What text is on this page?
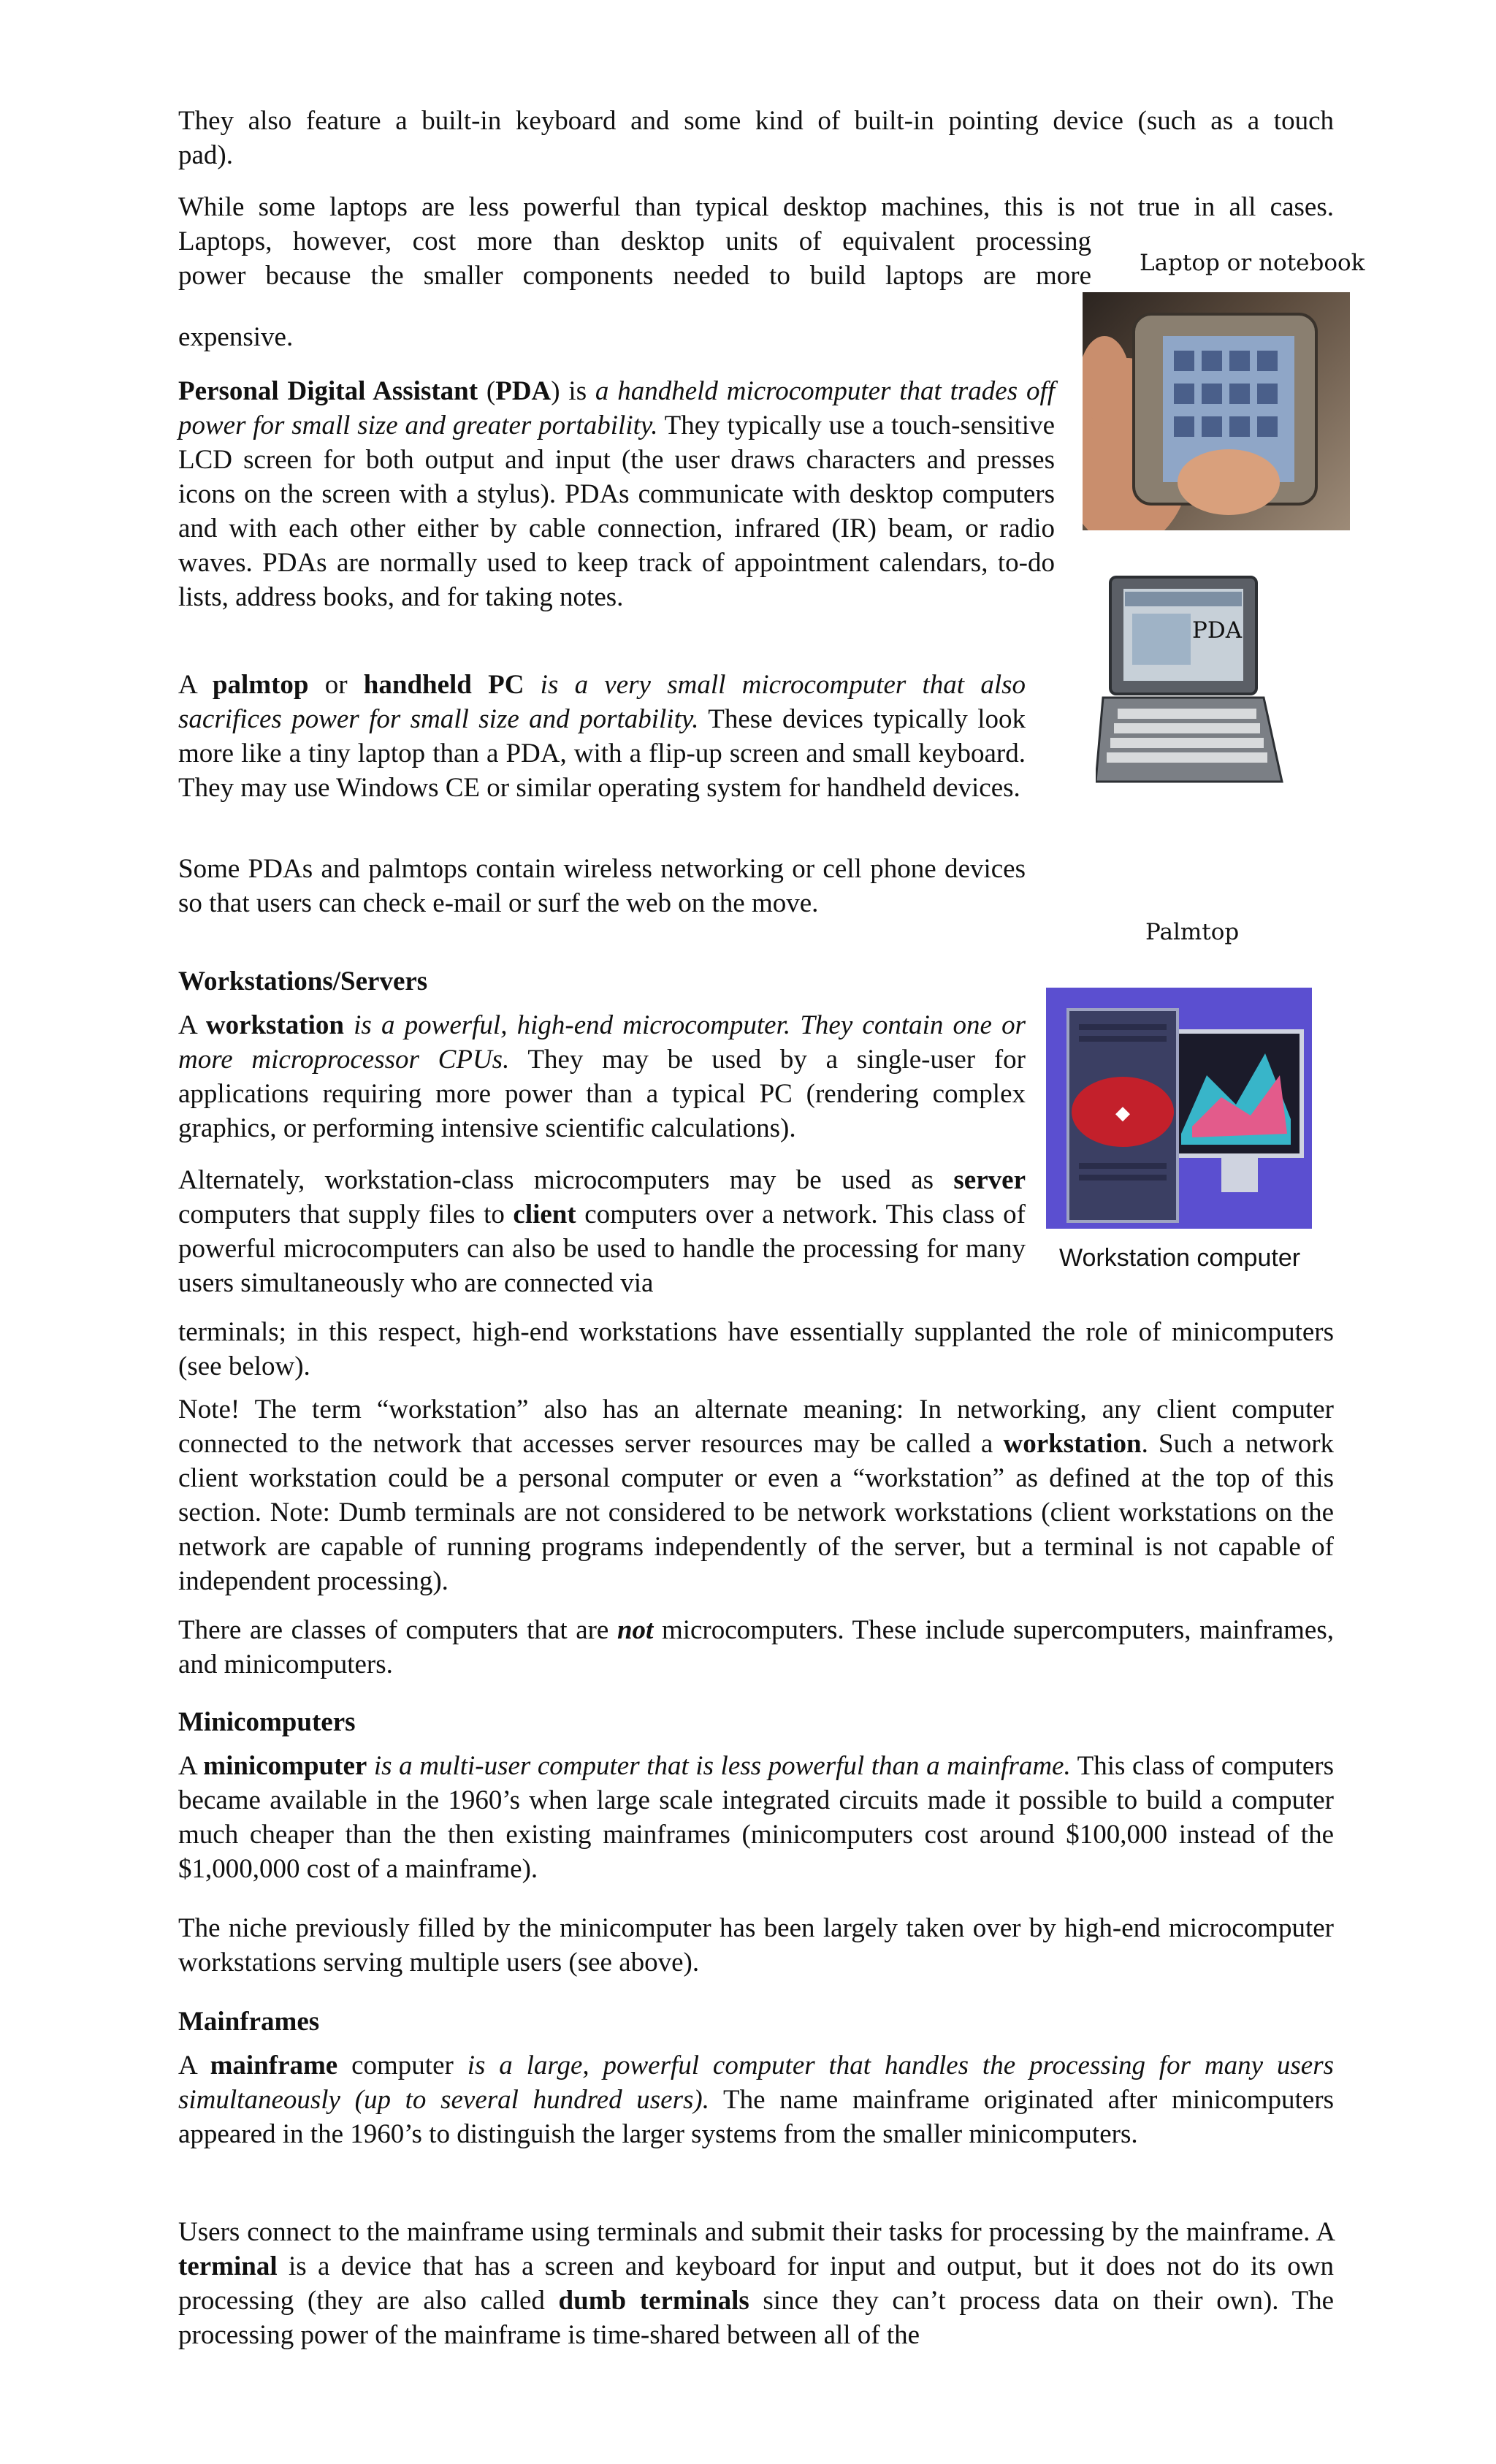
They also feature a built-in keyboard and some kind of built-in pointing device (such as a touch

pad).

While some laptops are less powerful than typical desktop machines, this is not true in all cases.

Laptops, however, cost more than desktop units of equivalent processing

power because the smaller components needed to build laptops are more

expensive.

Laptop or notebook

Personal Digital Assistant (PDA) is a handheld microcomputer that trades off power for small size and greater portability. They typically use a touch-sensitive LCD screen for both output and input (the user draws characters and presses icons on the screen with a stylus). PDAs communicate with desktop computers and with each other either by cable connection, infrared (IR) beam, or radio waves. PDAs are normally used to keep track of appointment calendars, to-do lists, address books, and for taking notes.

PDA

A palmtop or handheld PC is a very small microcomputer that also sacrifices power for small size and portability. These devices typically look more like a tiny laptop than a PDA, with a flip-up screen and small keyboard. They may use Windows CE or similar operating system for handheld devices.

Some PDAs and palmtops contain wireless networking or cell phone devices so that users can check e-mail or surf the web on the move.

Palmtop
Workstations/Servers

A workstation is a powerful, high-end microcomputer. They contain one or more microprocessor CPUs. They may be used by a single-user for applications requiring more power than a typical PC (rendering complex graphics, or performing intensive scientific calculations).

◆
Workstation computer

Alternately, workstation-class microcomputers may be used as server computers that supply files to client computers over a network. This class of powerful microcomputers can also be used to handle the processing for many users simultaneously who are connected via

terminals; in this respect, high-end workstations have essentially supplanted the role of minicomputers (see below).

Note! The term “workstation” also has an alternate meaning: In networking, any client computer connected to the network that accesses server resources may be called a workstation. Such a network client workstation could be a personal computer or even a “workstation” as defined at the top of this section. Note: Dumb terminals are not considered to be network workstations (client workstations on the network are capable of running programs independently of the server, but a terminal is not capable of independent processing).

There are classes of computers that are not microcomputers. These include supercomputers, mainframes, and minicomputers.

Minicomputers

A minicomputer is a multi-user computer that is less powerful than a mainframe. This class of computers became available in the 1960’s when large scale integrated circuits made it possible to build a computer much cheaper than the then existing mainframes (minicomputers cost around $100,000 instead of the $1,000,000 cost of a mainframe).

The niche previously filled by the minicomputer has been largely taken over by high-end microcomputer workstations serving multiple users (see above).

Mainframes

A mainframe computer is a large, powerful computer that handles the processing for many users simultaneously (up to several hundred users). The name mainframe originated after minicomputers appeared in the 1960’s to distinguish the larger systems from the smaller minicomputers.

Users connect to the mainframe using terminals and submit their tasks for processing by the mainframe. A terminal is a device that has a screen and keyboard for input and output, but it does not do its own processing (they are also called dumb terminals since they can’t process data on their own). The processing power of the mainframe is time-shared between all of the
